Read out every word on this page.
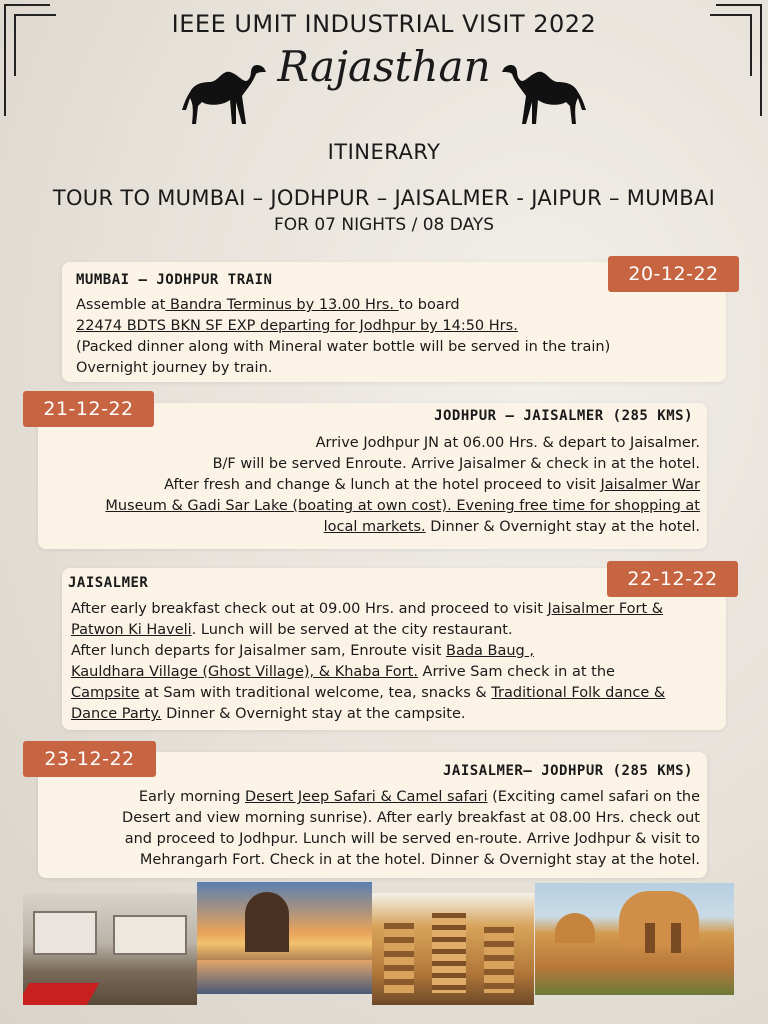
IEEE UMIT INDUSTRIAL VISIT 2022
Rajasthan
ITINERARY
TOUR TO MUMBAI – JODHPUR – JAISALMER - JAIPUR – MUMBAI
FOR 07 NIGHTS / 08 DAYS
MUMBAI – JODHPUR TRAIN

Assemble at Bandra Terminus by 13.00 Hrs. to board

22474 BDTS BKN SF EXP departing for Jodhpur by 14:50 Hrs.

(Packed dinner along with Mineral water bottle will be served in the train)

Overnight journey by train.

20-12-22
JODHPUR – JAISALMER (285 KMS)

Arrive Jodhpur JN at 06.00 Hrs. & depart to Jaisalmer.

B/F will be served Enroute. Arrive Jaisalmer & check in at the hotel.

After fresh and change & lunch at the hotel proceed to visit Jaisalmer War

Museum & Gadi Sar Lake (boating at own cost). Evening free time for shopping at

local markets. Dinner & Overnight stay at the hotel.

21-12-22
JAISALMER

After early breakfast check out at 09.00 Hrs. and proceed to visit Jaisalmer Fort &

Patwon Ki Haveli. Lunch will be served at the city restaurant.

After lunch departs for Jaisalmer sam, Enroute visit Bada Baug ,

Kauldhara Village (Ghost Village), & Khaba Fort. Arrive Sam check in at the

Campsite at Sam with traditional welcome, tea, snacks & Traditional Folk dance &

Dance Party. Dinner & Overnight stay at the campsite.

22-12-22
JAISALMER– JODHPUR (285 KMS)

Early morning Desert Jeep Safari & Camel safari (Exciting camel safari on the

Desert and view morning sunrise). After early breakfast at 08.00 Hrs. check out

and proceed to Jodhpur. Lunch will be served en-route. Arrive Jodhpur & visit to

Mehrangarh Fort. Check in at the hotel. Dinner & Overnight stay at the hotel.

23-12-22
